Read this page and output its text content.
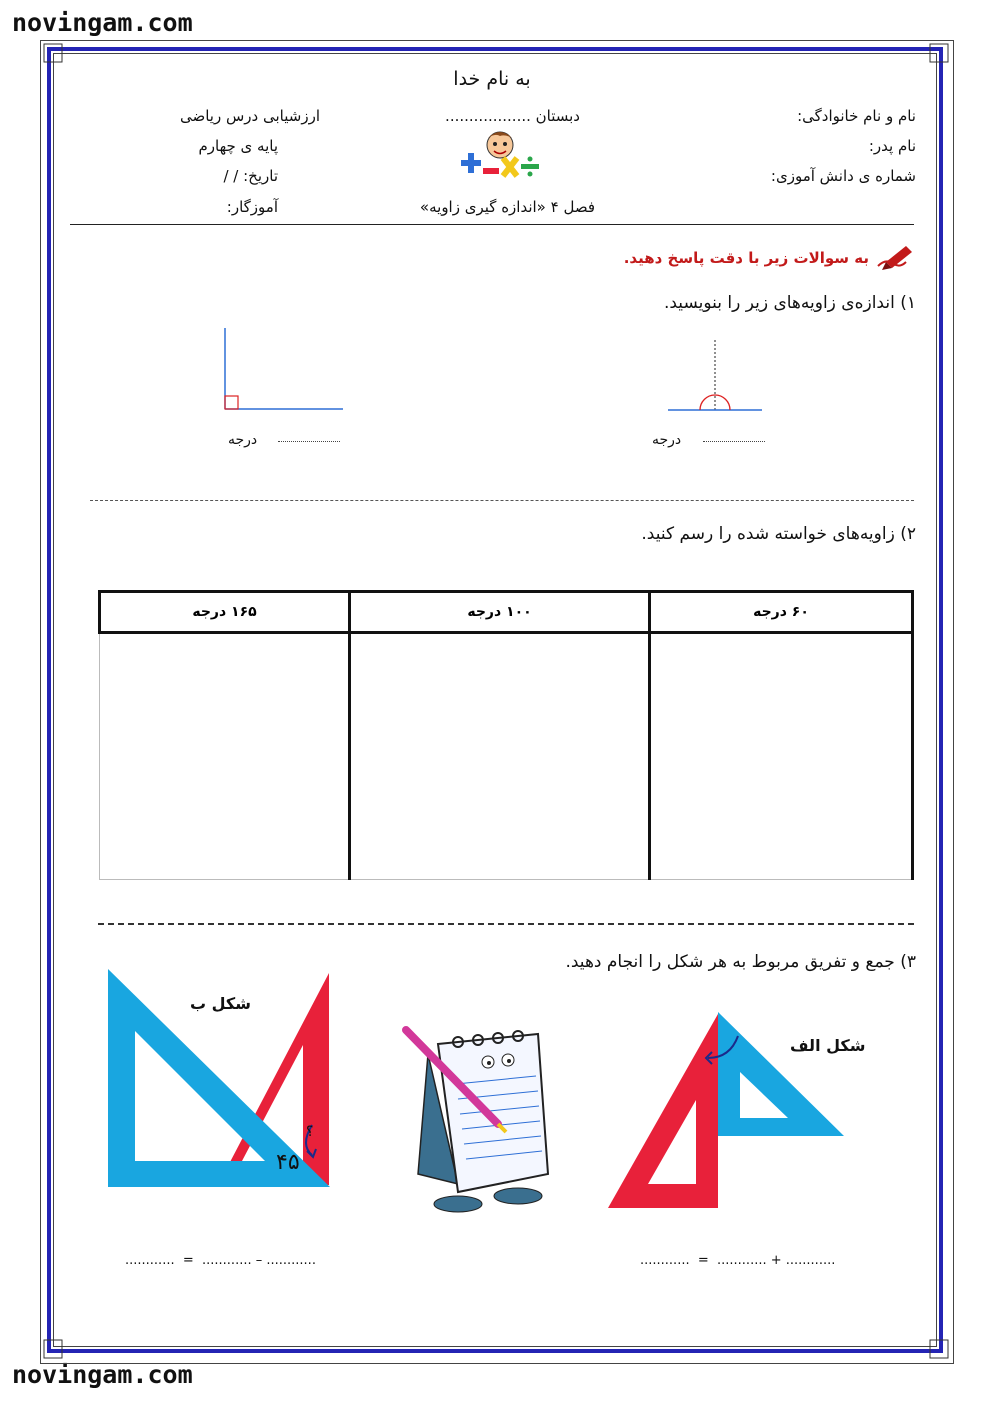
novingam.com
novingam.com
به نام خدا
نام و نام خانوادگی:
نام پدر:
شماره ی دانش آموزی:
دبستان ..................
فصل ۴ «اندازه گیری زاویه»
ارزشیابی درس ریاضی
پایه ی چهارم
تاریخ: / /
آموزگار:
به سوالات زیر با دقت پاسخ دهید.
۱) اندازه‌ی زاویه‌های زیر را بنویسید.
درجه	درجه
۲) زاویه‌های خواسته شده را رسم کنید.
۶۰ درجه	۱۰۰ درجه	۱۶۵ درجه

۳) جمع و تفریق مربوط به هر شکل را انجام دهید.
شکل ب
۴۵
؟
شکل الف
............  =  ............ + ............
............  =  ............ – ............
